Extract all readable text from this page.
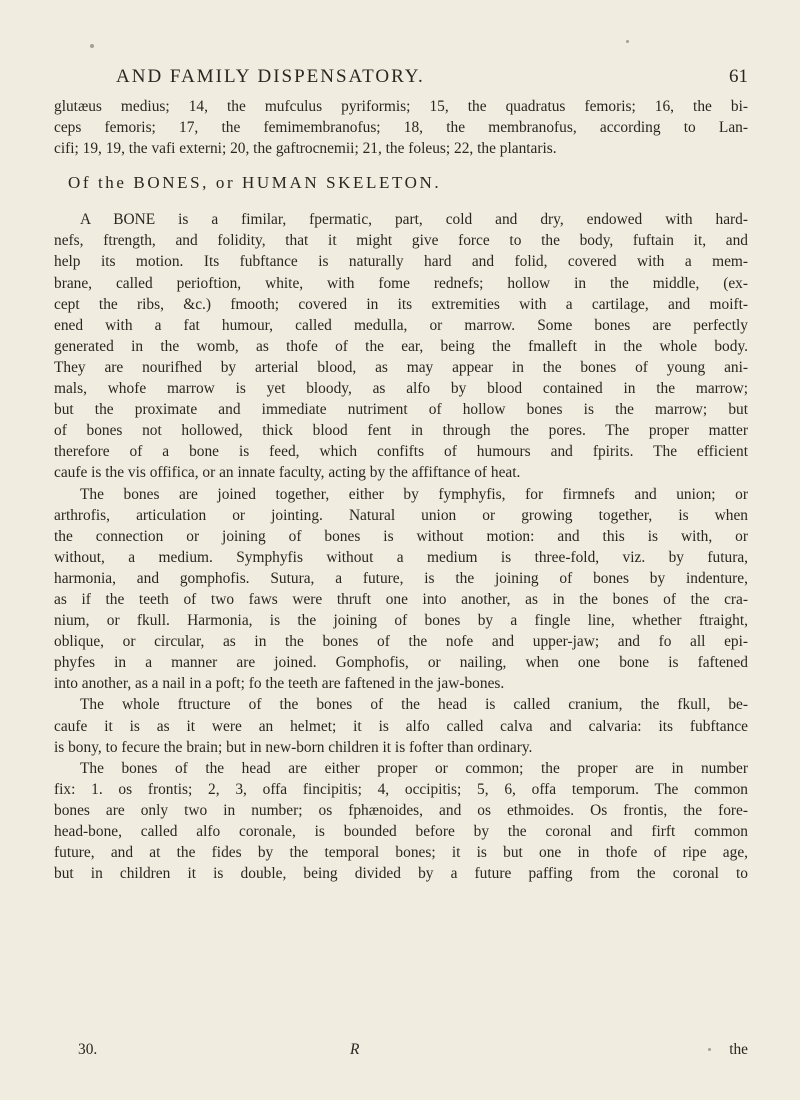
AND FAMILY DISPENSATORY.	61
glutæus medius; 14, the mufculus pyriformis; 15, the quadratus femoris; 16, the bi-
ceps femoris; 17, the femimembranofus; 18, the membranofus, according to Lan-
cifi; 19, 19, the vafi externi; 20, the gaftrocnemii; 21, the foleus; 22, the plantaris.
Of the BONES, or HUMAN SKELETON.
A BONE is a fimilar, fpermatic, part, cold and dry, endowed with hard-
nefs, ftrength, and folidity, that it might give force to the body, fuftain it, and
help its motion. Its fubftance is naturally hard and folid, covered with a mem-
brane, called perioftion, white, with fome rednefs; hollow in the middle, (ex-
cept the ribs, &c.) fmooth; covered in its extremities with a cartilage, and moift-
ened with a fat humour, called medulla, or marrow. Some bones are perfectly
generated in the womb, as thofe of the ear, being the fmalleft in the whole body.
They are nourifhed by arterial blood, as may appear in the bones of young ani-
mals, whofe marrow is yet bloody, as alfo by blood contained in the marrow;
but the proximate and immediate nutriment of hollow bones is the marrow; but
of bones not hollowed, thick blood fent in through the pores. The proper matter
therefore of a bone is feed, which confifts of humours and fpirits. The efficient
caufe is the vis offifica, or an innate faculty, acting by the affiftance of heat.
The bones are joined together, either by fymphyfis, for firmnefs and union; or
arthrofis, articulation or jointing. Natural union or growing together, is when
the connection or joining of bones is without motion: and this is with, or
without, a medium. Symphyfis without a medium is three-fold, viz. by futura,
harmonia, and gomphofis. Sutura, a future, is the joining of bones by indenture,
as if the teeth of two faws were thruft one into another, as in the bones of the cra-
nium, or fkull. Harmonia, is the joining of bones by a fingle line, whether ftraight,
oblique, or circular, as in the bones of the nofe and upper-jaw; and fo all epi-
phyfes in a manner are joined. Gomphofis, or nailing, when one bone is faftened
into another, as a nail in a poft; fo the teeth are faftened in the jaw-bones.
The whole ftructure of the bones of the head is called cranium, the fkull, be-
caufe it is as it were an helmet; it is alfo called calva and calvaria: its fubftance
is bony, to fecure the brain; but in new-born children it is fofter than ordinary.
The bones of the head are either proper or common; the proper are in number
fix: 1. os frontis; 2, 3, offa fincipitis; 4, occipitis; 5, 6, offa temporum. The common
bones are only two in number; os fphænoides, and os ethmoides. Os frontis, the fore-
head-bone, called alfo coronale, is bounded before by the coronal and firft common
future, and at the fides by the temporal bones; it is but one in thofe of ripe age,
but in children it is double, being divided by a future paffing from the coronal to
30.	R	the
